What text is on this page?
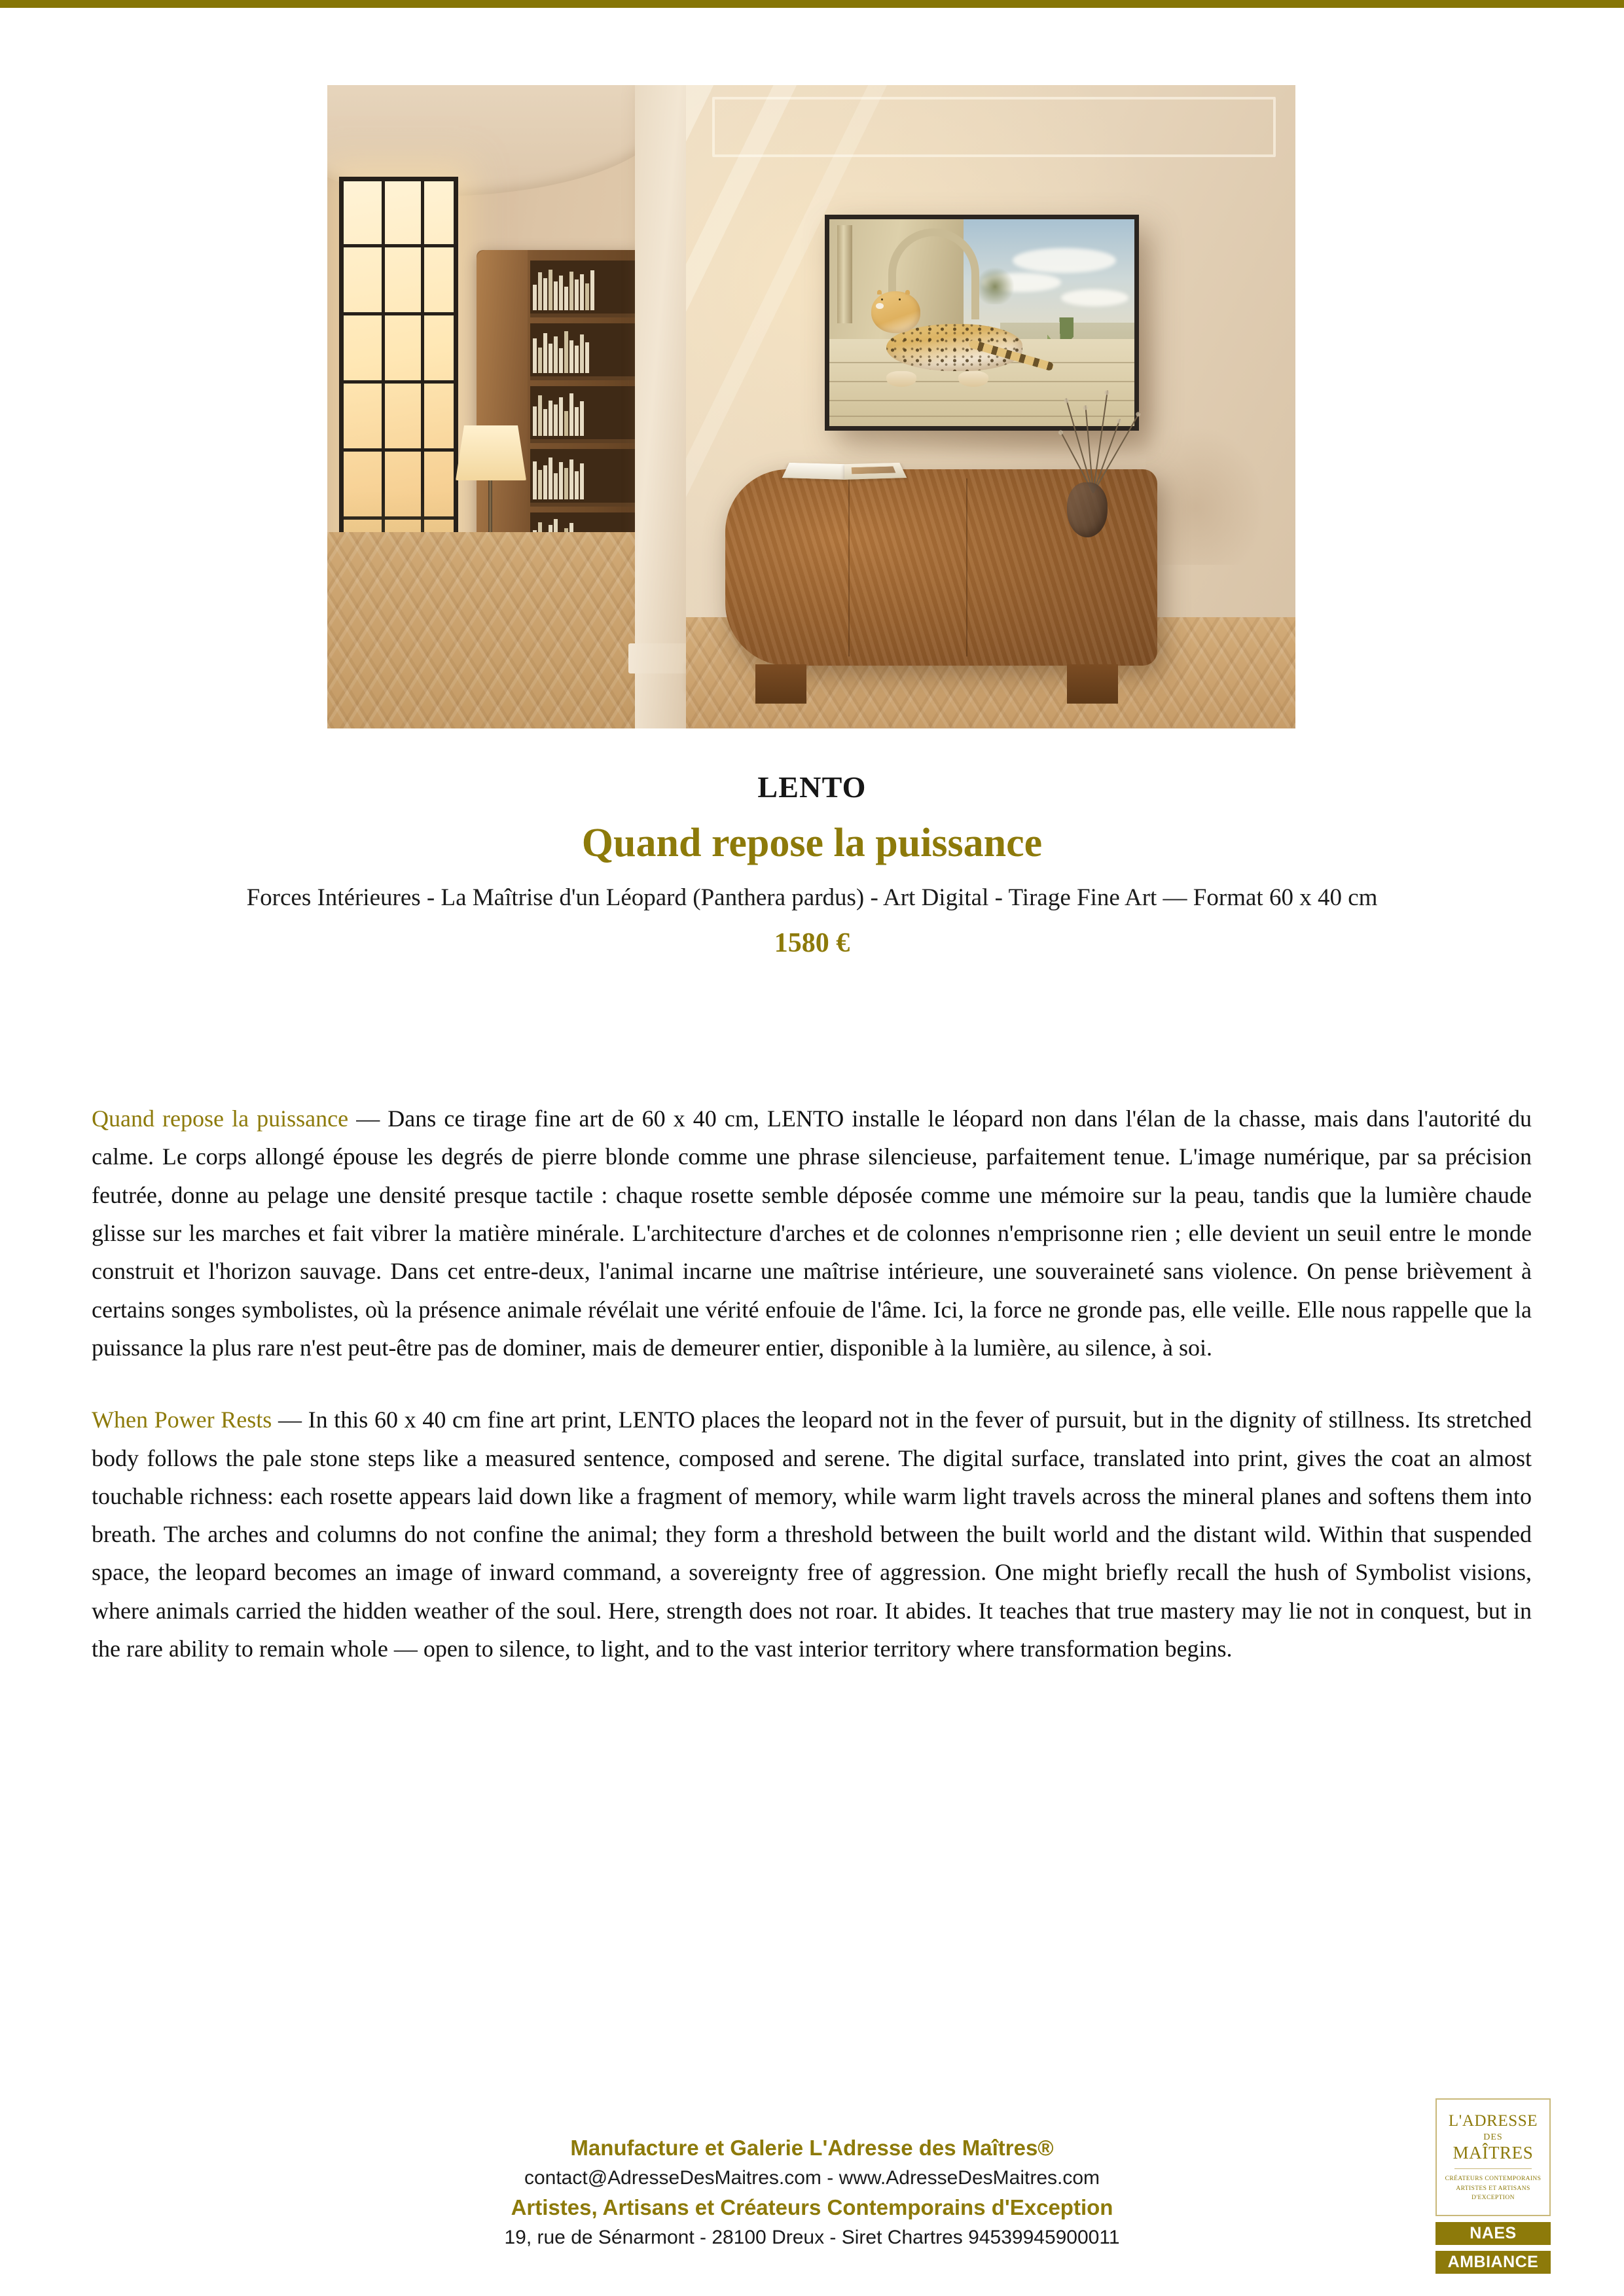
LENTO
Quand repose la puissance
Forces Intérieures - La Maîtrise d'un Léopard (Panthera pardus) - Art Digital - Tirage Fine Art — Format 60 x 40 cm
1580 €

Quand repose la puissance — Dans ce tirage fine art de 60 x 40 cm, LENTO installe le léopard non dans l'élan de la chasse, mais dans l'autorité du calme. Le corps allongé épouse les degrés de pierre blonde comme une phrase silencieuse, parfaitement tenue. L'image numérique, par sa précision feutrée, donne au pelage une densité presque tactile : chaque rosette semble déposée comme une mémoire sur la peau, tandis que la lumière chaude glisse sur les marches et fait vibrer la matière minérale. L'architecture d'arches et de colonnes n'emprisonne rien ; elle devient un seuil entre le monde construit et l'horizon sauvage. Dans cet entre-deux, l'animal incarne une maîtrise intérieure, une souveraineté sans violence. On pense brièvement à certains songes symbolistes, où la présence animale révélait une vérité enfouie de l'âme. Ici, la force ne gronde pas, elle veille. Elle nous rappelle que la puissance la plus rare n'est peut-être pas de dominer, mais de demeurer entier, disponible à la lumière, au silence, à soi.

When Power Rests — In this 60 x 40 cm fine art print, LENTO places the leopard not in the fever of pursuit, but in the dignity of stillness. Its stretched body follows the pale stone steps like a measured sentence, composed and serene. The digital surface, translated into print, gives the coat an almost touchable richness: each rosette appears laid down like a fragment of memory, while warm light travels across the mineral planes and softens them into breath. The arches and columns do not confine the animal; they form a threshold between the built world and the distant wild. Within that suspended space, the leopard becomes an image of inward command, a sovereignty free of aggression. One might briefly recall the hush of Symbolist visions, where animals carried the hidden weather of the soul. Here, strength does not roar. It abides. It teaches that true mastery may lie not in conquest, but in the rare ability to remain whole — open to silence, to light, and to the vast interior territory where transformation begins.

Manufacture et Galerie L'Adresse des Maîtres®
contact@AdresseDesMaitres.com - www.AdresseDesMaitres.com
Artistes, Artisans et Créateurs Contemporains d'Exception
19, rue de Sénarmont - 28100 Dreux - Siret Chartres 94539945900011
L'ADRESSE
DES
MAÎTRES
CRÉATEURS CONTEMPORAINS
ARTISTES ET ARTISANS
D'EXCEPTION
NAES
AMBIANCE
